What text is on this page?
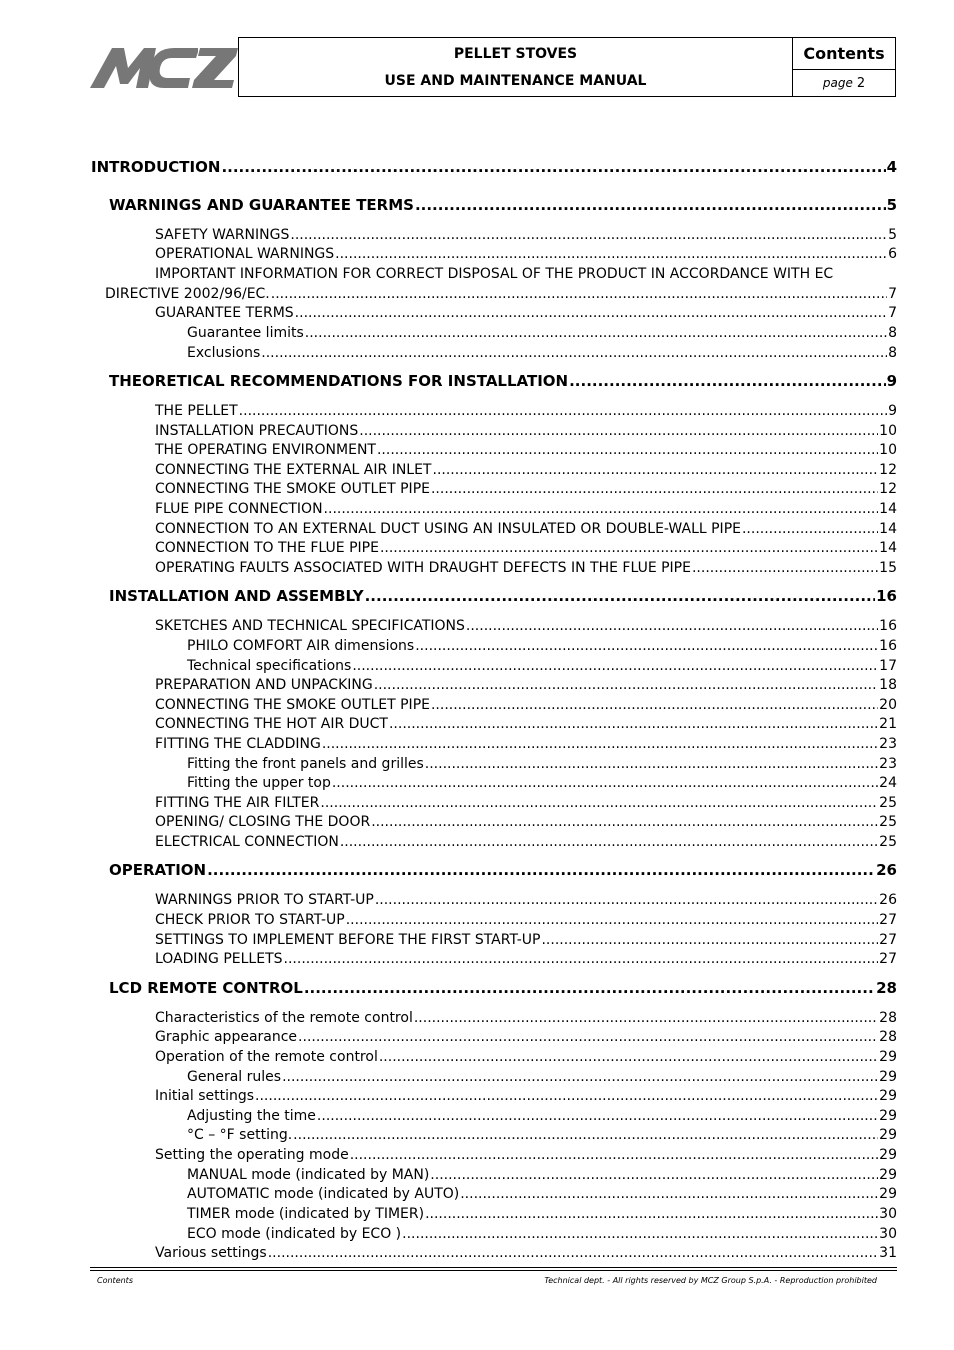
PELLET STOVES
USE AND MAINTENANCE MANUAL
Contents
page 2
INTRODUCTION .....	4
WARNINGS AND GUARANTEE TERMS .....	5
SAFETY WARNINGS .....	5
OPERATIONAL WARNINGS .....	6
IMPORTANT INFORMATION FOR CORRECT DISPOSAL OF THE PRODUCT IN ACCORDANCE WITH EC
DIRECTIVE 2002/96/EC. .....	7
GUARANTEE TERMS .....	7
Guarantee limits .....	8
Exclusions .....	8
THEORETICAL RECOMMENDATIONS FOR INSTALLATION .....	9
THE PELLET .....	9
INSTALLATION PRECAUTIONS .....	10
THE OPERATING ENVIRONMENT .....	10
CONNECTING THE EXTERNAL AIR INLET .....	12
CONNECTING THE SMOKE OUTLET PIPE .....	12
FLUE PIPE CONNECTION .....	14
CONNECTION TO AN EXTERNAL DUCT USING AN INSULATED OR DOUBLE-WALL PIPE .....	14
CONNECTION TO THE FLUE PIPE .....	14
OPERATING FAULTS ASSOCIATED WITH DRAUGHT DEFECTS IN THE FLUE PIPE .....	15
INSTALLATION AND ASSEMBLY .....	16
SKETCHES AND TECHNICAL SPECIFICATIONS .....	16
PHILO COMFORT AIR dimensions .....	16
Technical specifications .....	17
PREPARATION AND UNPACKING .....	18
CONNECTING THE SMOKE OUTLET PIPE .....	20
CONNECTING THE HOT AIR DUCT .....	21
FITTING THE CLADDING .....	23
Fitting the front panels and grilles .....	23
Fitting the upper top .....	24
FITTING THE AIR FILTER .....	25
OPENING/ CLOSING THE DOOR .....	25
ELECTRICAL CONNECTION .....	25
OPERATION .....	26
WARNINGS PRIOR TO START-UP .....	26
CHECK PRIOR TO START-UP .....	27
SETTINGS TO IMPLEMENT BEFORE THE FIRST START-UP .....	27
LOADING PELLETS .....	27
LCD REMOTE CONTROL .....	28
Characteristics of the remote control .....	28
Graphic appearance .....	28
Operation of the remote control .....	29
General rules .....	29
Initial settings .....	29
Adjusting the time .....	29
°C – °F setting. .....	29
Setting the operating mode .....	29
MANUAL mode (indicated by MAN) .....	29
AUTOMATIC mode (indicated by AUTO) .....	29
TIMER mode (indicated by TIMER) .....	30
ECO mode (indicated by ECO ) .....	30
Various settings .....	31
Contents	Technical dept. - All rights reserved by MCZ Group S.p.A. - Reproduction prohibited
